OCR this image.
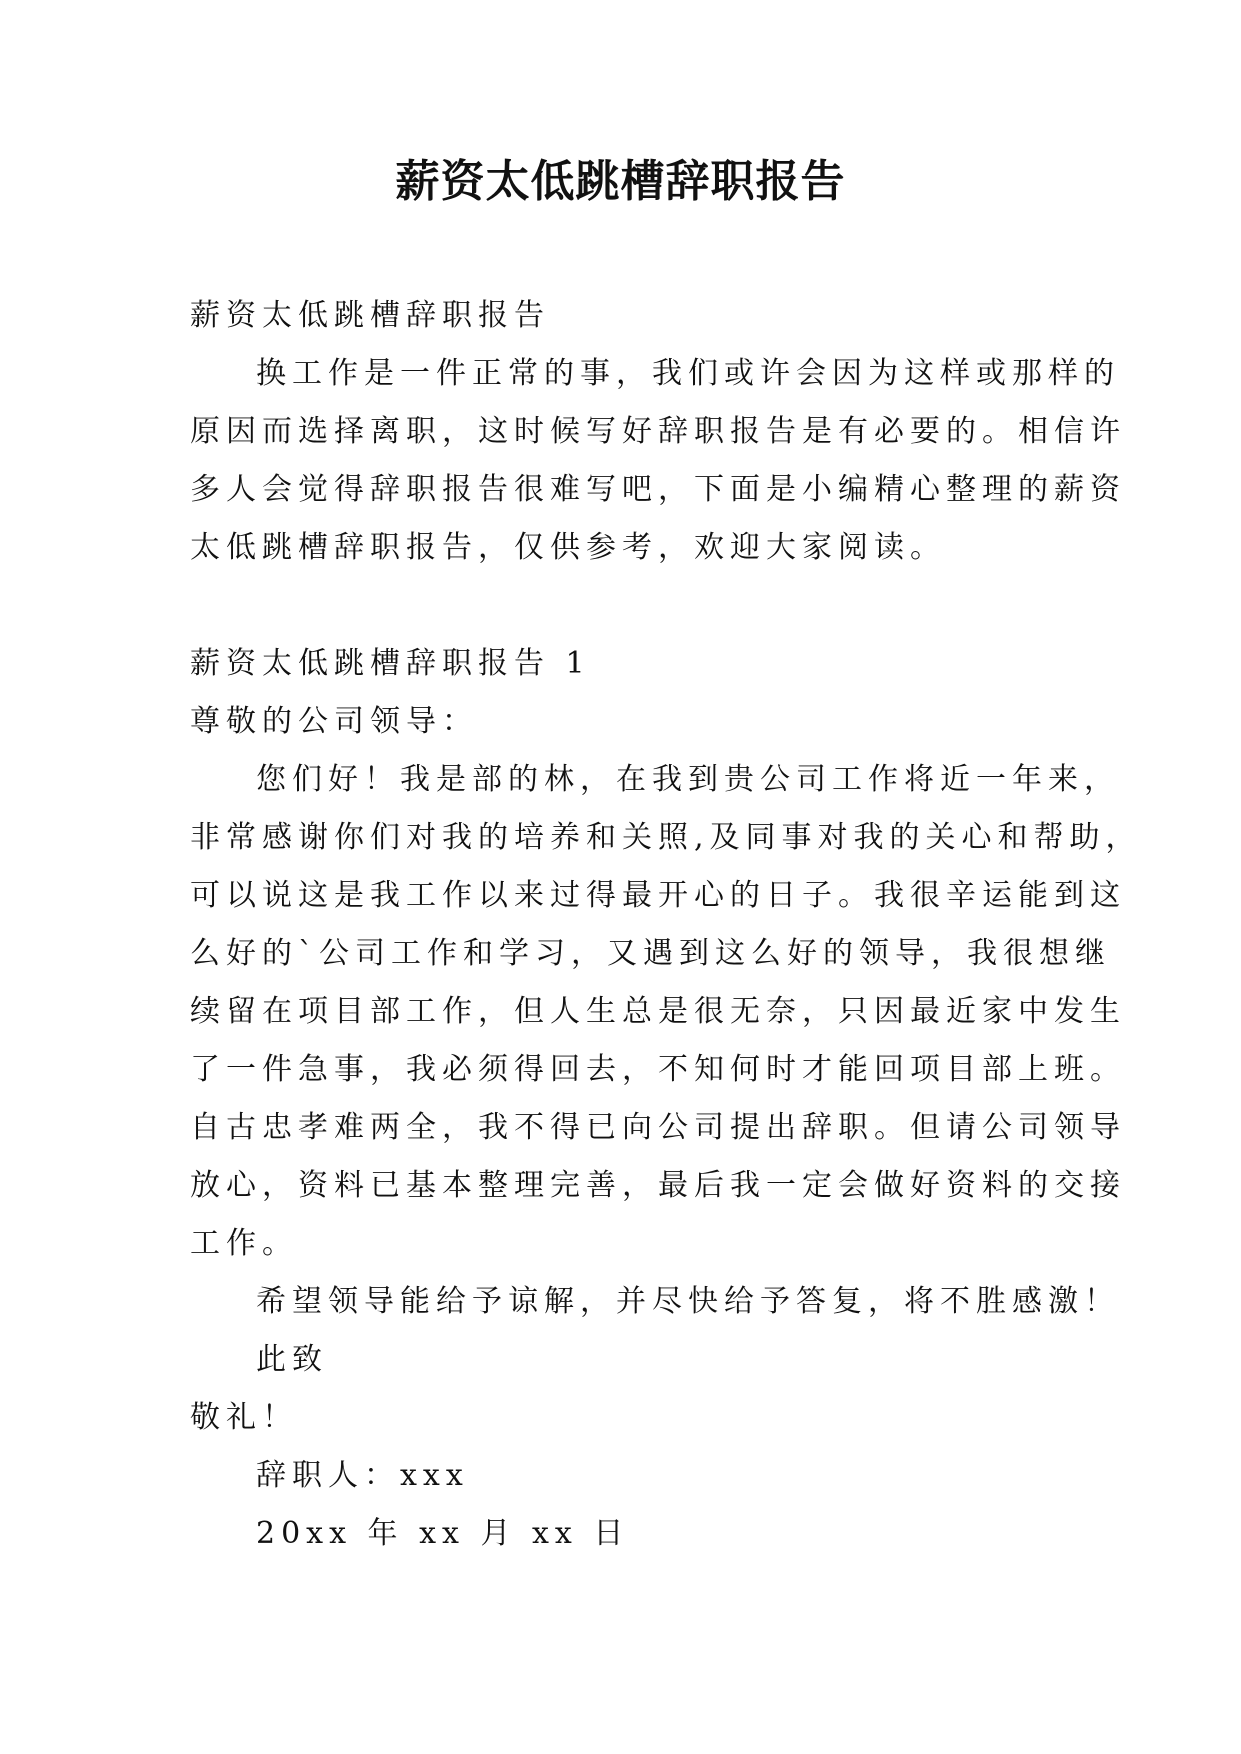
薪资太低跳槽辞职报告

薪资太低跳槽辞职报告

换工作是一件正常的事，我们或许会因为这样或那样的

原因而选择离职，这时候写好辞职报告是有必要的。相信许

多人会觉得辞职报告很难写吧，下面是小编精心整理的薪资

太低跳槽辞职报告，仅供参考，欢迎大家阅读。

薪资太低跳槽辞职报告 1

尊敬的公司领导：

您们好！我是部的林，在我到贵公司工作将近一年来，

非常感谢你们对我的培养和关照,及同事对我的关心和帮助，

可以说这是我工作以来过得最开心的日子。我很辛运能到这

么好的`公司工作和学习，又遇到这么好的领导，我很想继

续留在项目部工作，但人生总是很无奈，只因最近家中发生

了一件急事，我必须得回去，不知何时才能回项目部上班。

自古忠孝难两全，我不得已向公司提出辞职。但请公司领导

放心，资料已基本整理完善，最后我一定会做好资料的交接

工作。

希望领导能给予谅解，并尽快给予答复，将不胜感激！

此致

敬礼！

辞职人：xxx

20xx 年 xx 月 xx 日
